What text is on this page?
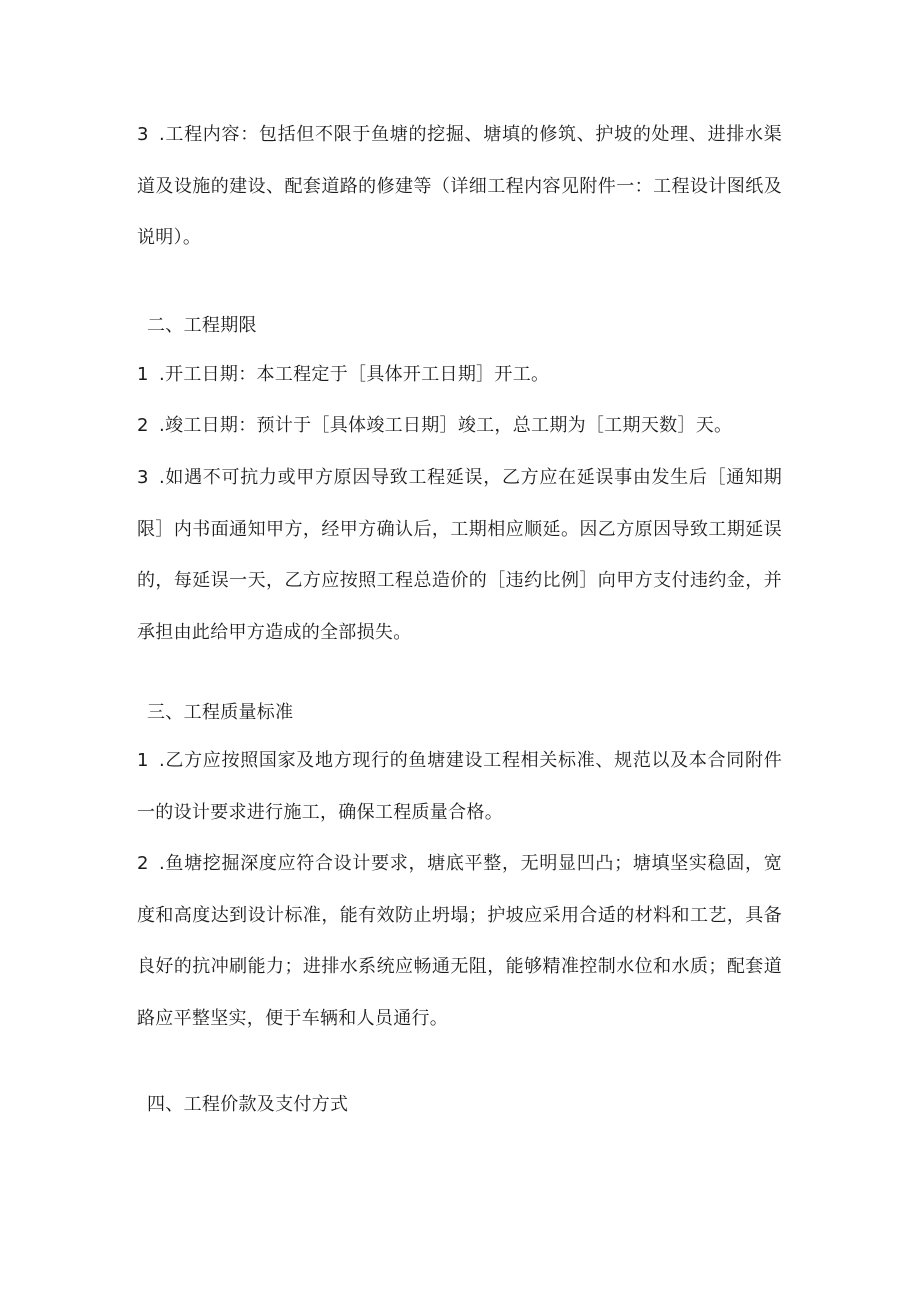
3 .工程内容：包括但不限于鱼塘的挖掘、塘填的修筑、护坡的处理、进排水渠道及设施的建设、配套道路的修建等（详细工程内容见附件一：工程设计图纸及说明）。
二、工程期限
1 .开工日期：本工程定于［具体开工日期］开工。
2 .竣工日期：预计于［具体竣工日期］竣工，总工期为［工期天数］天。
3 .如遇不可抗力或甲方原因导致工程延误，乙方应在延误事由发生后［通知期限］内书面通知甲方，经甲方确认后，工期相应顺延。因乙方原因导致工期延误的，每延误一天，乙方应按照工程总造价的［违约比例］向甲方支付违约金，并承担由此给甲方造成的全部损失。
三、工程质量标准
1 .乙方应按照国家及地方现行的鱼塘建设工程相关标准、规范以及本合同附件一的设计要求进行施工，确保工程质量合格。
2 .鱼塘挖掘深度应符合设计要求，塘底平整，无明显凹凸；塘填坚实稳固，宽度和高度达到设计标准，能有效防止坍塌；护坡应采用合适的材料和工艺，具备良好的抗冲刷能力；进排水系统应畅通无阻，能够精准控制水位和水质；配套道路应平整坚实，便于车辆和人员通行。
四、工程价款及支付方式
